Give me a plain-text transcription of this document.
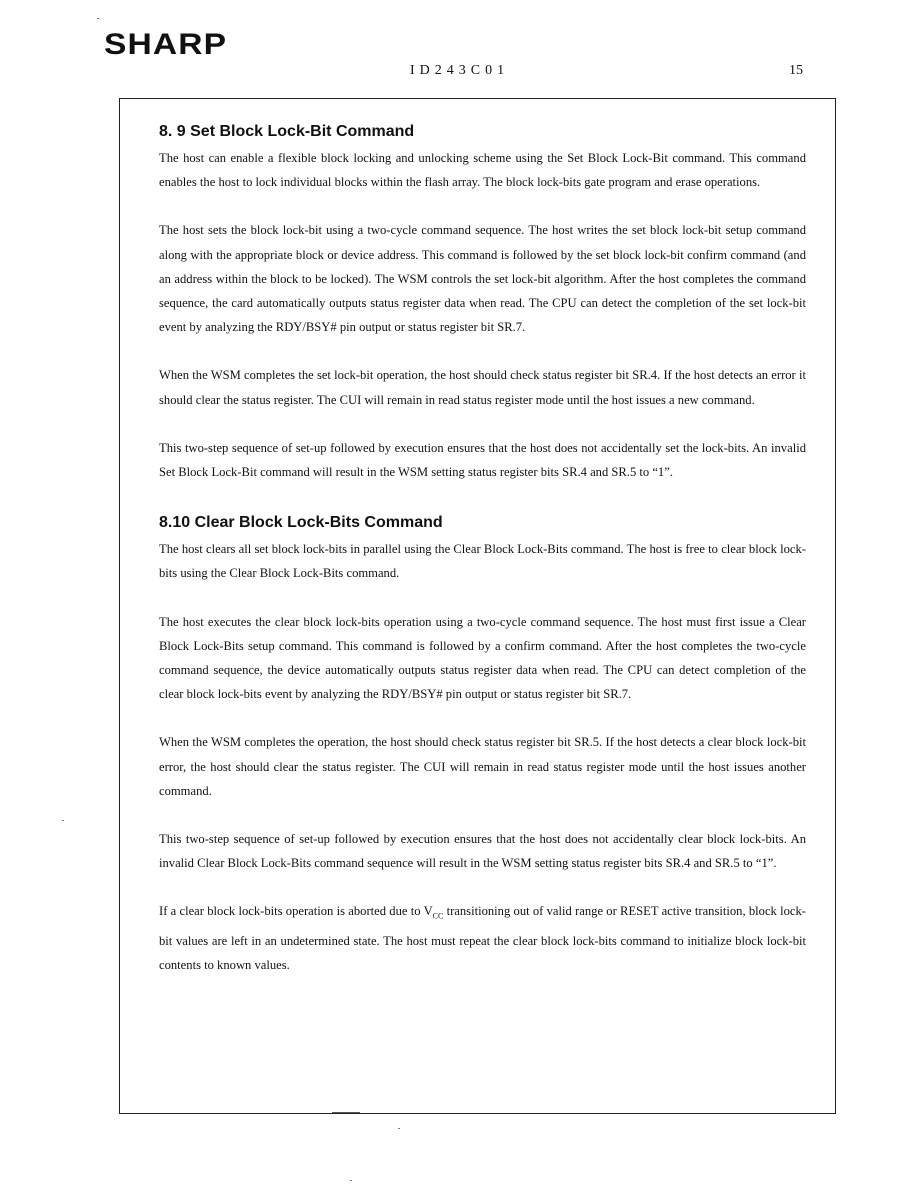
SHARP
ID243C01	15
8. 9 Set Block Lock-Bit Command

The host can enable a flexible block locking and unlocking scheme using the Set Block Lock-Bit command. This command enables the host to lock individual blocks within the flash array. The block lock-bits gate program and erase operations.

The host sets the block lock-bit using a two-cycle command sequence. The host writes the set block lock-bit setup command along with the appropriate block or device address. This command is followed by the set block lock-bit confirm command (and an address within the block to be locked). The WSM controls the set lock-bit algorithm. After the host completes the command sequence, the card automatically outputs status register data when read. The CPU can detect the completion of the set lock-bit event by analyzing the RDY/BSY# pin output or status register bit SR.7.

When the WSM completes the set lock-bit operation, the host should check status register bit SR.4. If the host detects an error it should clear the status register. The CUI will remain in read status register mode until the host issues a new command.

This two-step sequence of set-up followed by execution ensures that the host does not accidentally set the lock-bits. An invalid Set Block Lock-Bit command will result in the WSM setting status register bits SR.4 and SR.5 to “1”.

8.10 Clear Block Lock-Bits Command

The host clears all set block lock-bits in parallel using the Clear Block Lock-Bits command. The host is free to clear block lock-bits using the Clear Block Lock-Bits command.

The host executes the clear block lock-bits operation using a two-cycle command sequence. The host must first issue a Clear Block Lock-Bits setup command. This command is followed by a confirm command. After the host completes the two-cycle command sequence, the device automatically outputs status register data when read. The CPU can detect completion of the clear block lock-bits event by analyzing the RDY/BSY# pin output or status register bit SR.7.

When the WSM completes the operation, the host should check status register bit SR.5. If the host detects a clear block lock-bit error, the host should clear the status register. The CUI will remain in read status register mode until the host issues another command.

This two-step sequence of set-up followed by execution ensures that the host does not accidentally clear block lock-bits. An invalid Clear Block Lock-Bits command sequence will result in the WSM setting status register bits SR.4 and SR.5 to “1”.

If a clear block lock-bits operation is aborted due to $V_{CC}$ transitioning out of valid range or RESET active transition, block lock-bit values are left in an undetermined state. The host must repeat the clear block lock-bits command to initialize block lock-bit contents to known values.
